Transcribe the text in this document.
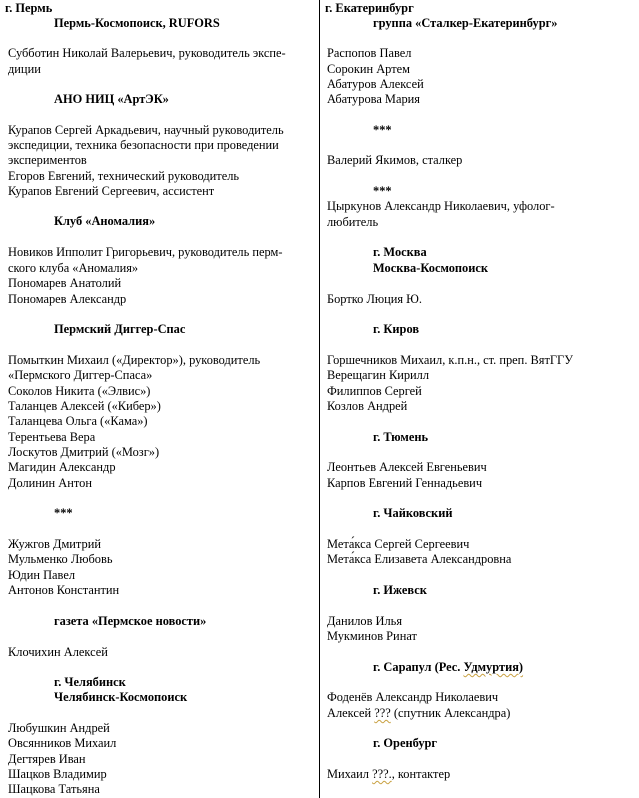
г. Пермь
Пермь-Космопоиск, RUFORS
Субботин Николай Валерьевич, руководитель экспе-
диции
АНО НИЦ «АртЭК»
Курапов Сергей Аркадьевич, научный руководитель
экспедиции, техника безопасности при проведении
экспериментов
Егоров Евгений, технический руководитель
Курапов Евгений Сергеевич, ассистент
Клуб «Аномалия»
Новиков Ипполит Григорьевич, руководитель перм-
ского клуба «Аномалия»
Пономарев Анатолий
Пономарев Александр
Пермский Диггер-Спас
Помыткин Михаил («Директор»), руководитель
«Пермского Диггер-Спаса»
Соколов Никита («Элвис»)
Таланцев Алексей («Кибер»)
Таланцева Ольга («Кама»)
Терентьева Вера
Лоскутов Дмитрий («Мозг»)
Магидин Александр
Долинин Антон
***
Жужгов Дмитрий
Мульменко Любовь
Юдин Павел
Антонов Константин
газета «Пермское новости»
Клочихин Алексей
г. Челябинск
Челябинск-Космопоиск
Любушкин Андрей
Овсянников Михаил
Дегтярев Иван
Шацков Владимир
Шацкова Татьяна
г. Екатеринбург
группа «Сталкер-Екатеринбург»
Распопов Павел
Сорокин Артем
Абатуров Алексей
Абатурова Мария
***
Валерий Якимов, сталкер
***
Цыркунов Александр Николаевич, уфолог-
любитель
г. Москва
Москва-Космопоиск
Бортко Люция Ю.
г. Киров
Горшечников Михаил, к.п.н., ст. преп. ВятГГУ
Верещагин Кирилл
Филиппов Сергей
Козлов Андрей
г. Тюмень
Леонтьев Алексей Евгеньевич
Карпов Евгений Геннадьевич
г. Чайковский
Мета́кса Сергей Сергеевич
Мета́кса Елизавета Александровна
г. Ижевск
Данилов Илья
Мукминов Ринат
г. Сарапул (Рес. Удмуртия)
Фоденёв Александр Николаевич
Алексей ??? (спутник Александра)
г. Оренбург
Михаил ???., контактер
